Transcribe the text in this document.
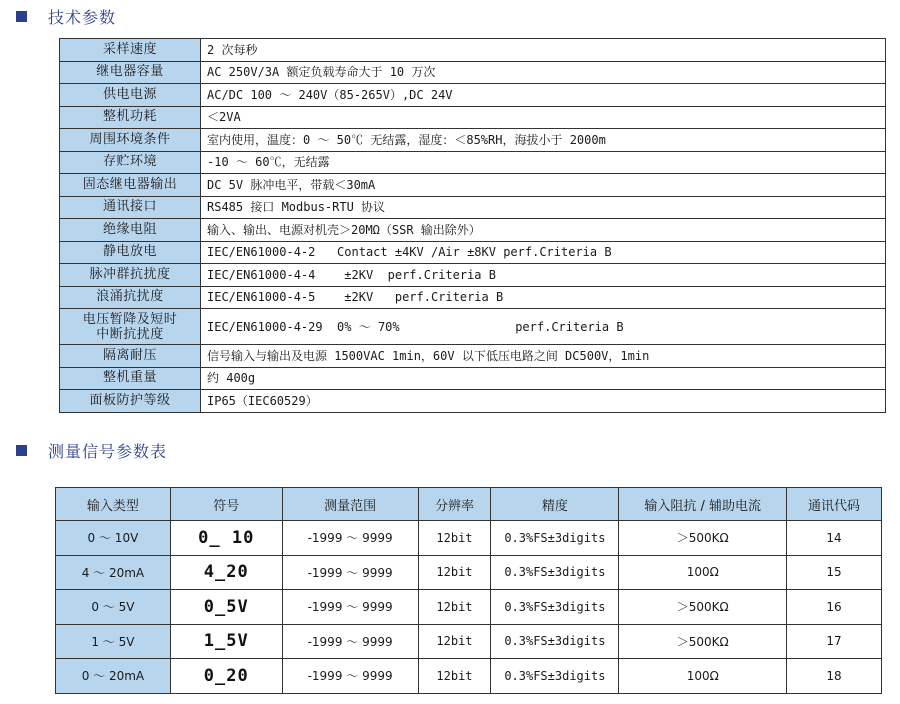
技术参数
采样速度	2 次每秒
继电器容量	AC 250V/3A 额定负载寿命大于 10 万次
供电电源	AC/DC 100 ～ 240V（85-265V）,DC 24V
整机功耗	＜2VA
周围环境条件	室内使用，温度：0 ～ 50℃ 无结露，湿度：＜85%RH，海拔小于 2000m
存贮环境	-10 ～ 60℃，无结露
固态继电器输出	DC 5V 脉冲电平，带载＜30mA
通讯接口	RS485 接口 Modbus-RTU 协议
绝缘电阻	输入、输出、电源对机壳＞20MΩ（SSR 输出除外）
静电放电	IEC/EN61000-4-2   Contact ±4KV /Air ±8KV perf.Criteria B
脉冲群抗扰度	IEC/EN61000-4-4    ±2KV  perf.Criteria B
浪涌抗扰度	IEC/EN61000-4-5    ±2KV   perf.Criteria B
电压暂降及短时
中断抗扰度	IEC/EN61000-4-29  0% ～ 70%                perf.Criteria B
隔离耐压	信号输入与输出及电源 1500VAC 1min，60V 以下低压电路之间 DC500V，1min
整机重量	约 400g
面板防护等级	IP65（IEC60529）
测量信号参数表
输入类型	符号	测量范围	分辨率	精度	输入阻抗 / 辅助电流	通讯代码
0 ～ 10V	0_ 10	-1999 ～ 9999	12bit	0.3%FS±3digits	＞500KΩ	14
4 ～ 20mA	4_20	-1999 ～ 9999	12bit	0.3%FS±3digits	100Ω	15
0 ～ 5V	0_5V	-1999 ～ 9999	12bit	0.3%FS±3digits	＞500KΩ	16
1 ～ 5V	1_5V	-1999 ～ 9999	12bit	0.3%FS±3digits	＞500KΩ	17
0 ～ 20mA	0_20	-1999 ～ 9999	12bit	0.3%FS±3digits	100Ω	18
